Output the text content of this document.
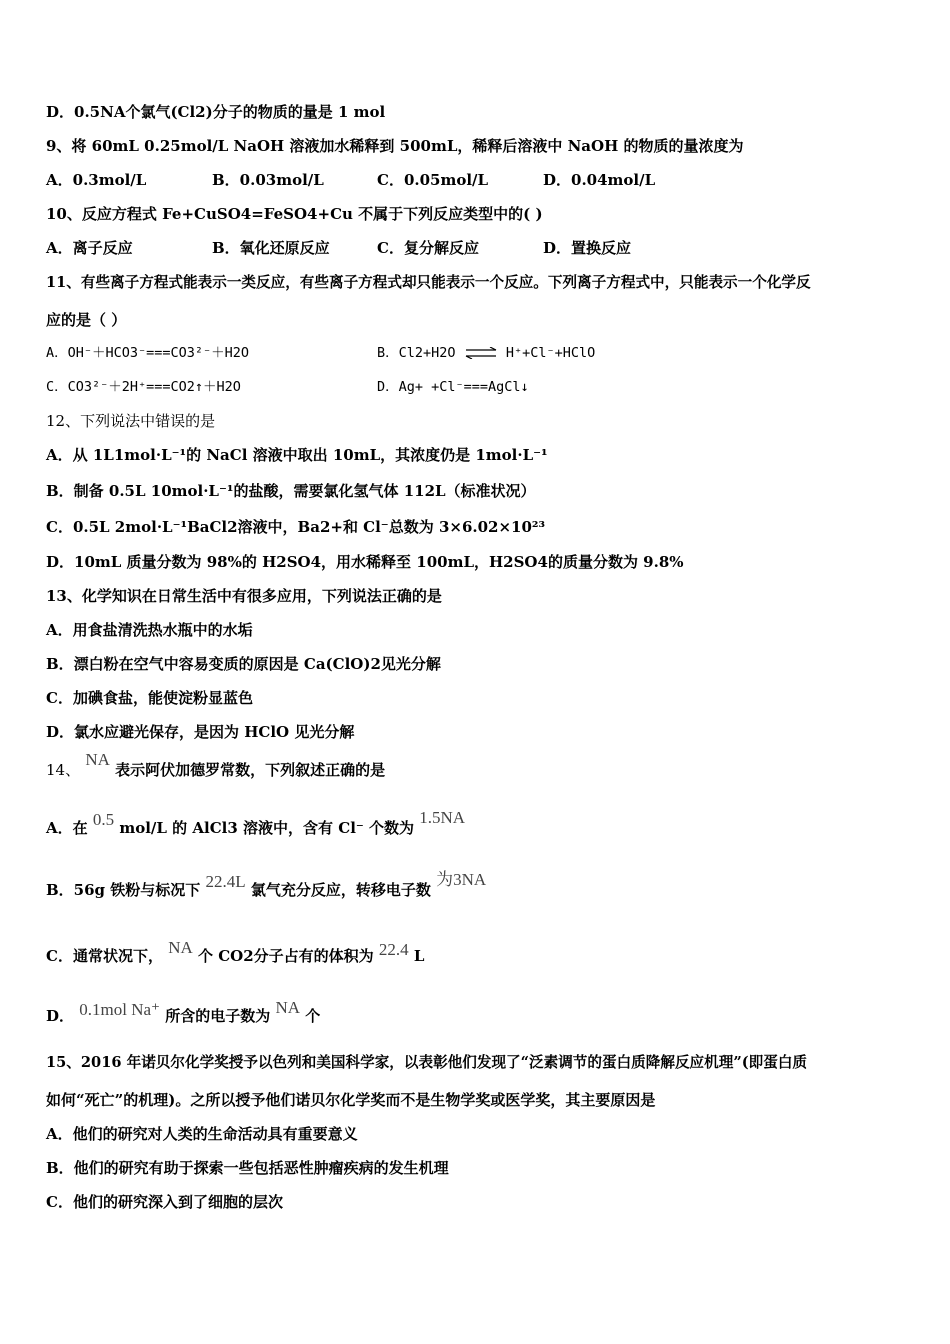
D．0.5NA个氯气(Cl2)分子的物质的量是 1 mol
9、将 60mL 0.25mol/L NaOH 溶液加水稀释到 500mL，稀释后溶液中 NaOH 的物质的量浓度为
A．0.3mol/L	B．0.03mol/L	C．0.05mol/L	D．0.04mol/L
10、反应方程式 Fe+CuSO4=FeSO4+Cu 不属于下列反应类型中的( )
A．离子反应	B．氧化还原反应	C．复分解反应	D．置换反应
11、有些离子方程式能表示一类反应，有些离子方程式却只能表示一个反应。下列离子方程式中，只能表示一个化学反
应的是（ ）
A．OH⁻＋HCO3⁻===CO3²⁻＋H2O	B．Cl2+H2O ⇌ H⁺+Cl⁻+HClO
C．CO3²⁻＋2H⁺===CO2↑＋H2O	D．Ag+ +Cl⁻===AgCl↓
12、下列说法中错误的是
A．从 1L1mol·L⁻¹的 NaCl 溶液中取出 10mL，其浓度仍是 1mol·L⁻¹
B．制备 0.5L 10mol·L⁻¹的盐酸，需要氯化氢气体 112L（标准状况）
C．0.5L 2mol·L⁻¹BaCl2溶液中，Ba2+和 Cl⁻总数为 3×6.02×10²³
D．10mL 质量分数为 98%的 H2SO4，用水稀释至 100mL，H2SO4的质量分数为 9.8%
13、化学知识在日常生活中有很多应用，下列说法正确的是
A．用食盐清洗热水瓶中的水垢
B．漂白粉在空气中容易变质的原因是 Ca(ClO)2见光分解
C．加碘食盐，能使淀粉显蓝色
D．氯水应避光保存，是因为 HClO 见光分解
14、 NA 表示阿伏加德罗常数，下列叙述正确的是
A．在 0.5 mol/L 的 AlCl3 溶液中，含有 Cl⁻ 个数为 1.5NA
B．56g 铁粉与标况下 22.4L 氯气充分反应，转移电子数 为3NA
C．通常状况下， NA 个 CO2分子占有的体积为 22.4 L
D． 0.1mol Na⁺ 所含的电子数为 NA 个
15、2016 年诺贝尔化学奖授予以色列和美国科学家，以表彰他们发现了“泛素调节的蛋白质降解反应机理”(即蛋白质
如何“死亡”的机理)。之所以授予他们诺贝尔化学奖而不是生物学奖或医学奖，其主要原因是
A．他们的研究对人类的生命活动具有重要意义
B．他们的研究有助于探索一些包括恶性肿瘤疾病的发生机理
C．他们的研究深入到了细胞的层次
